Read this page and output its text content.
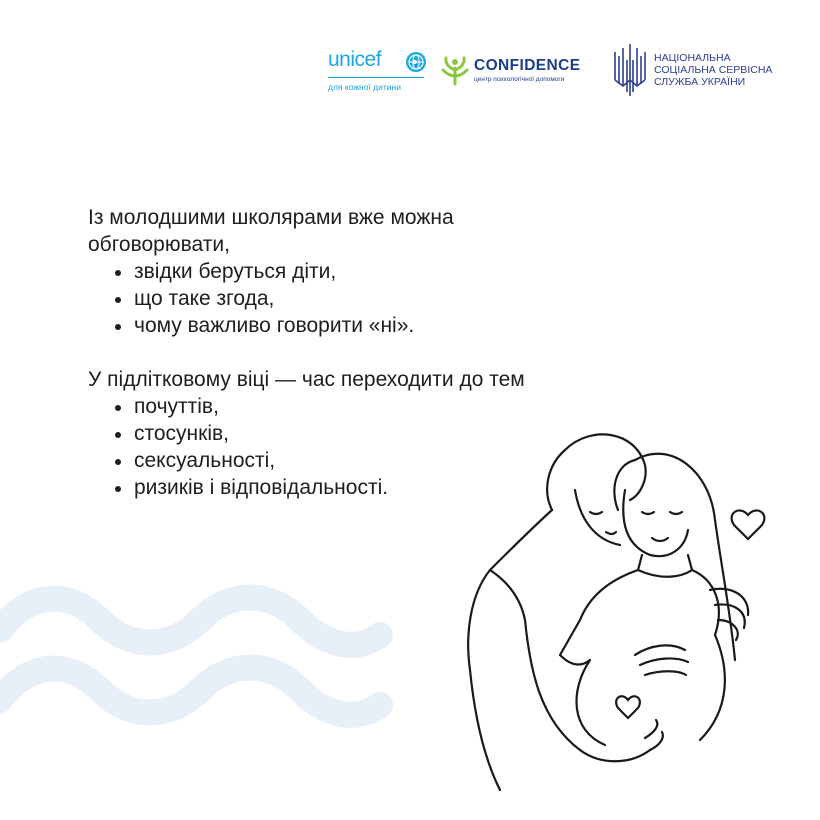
unicef
для кожної дитини
CONFIDENCE
центр психологічної допомоги
НАЦІОНАЛЬНА
СОЦІАЛЬНА СЕРВІСНА
СЛУЖБА УКРАЇНИ

Із молодшими школярами вже можна

обговорювати,

звідки беруться діти,
що таке згода,
чому важливо говорити «ні».

У підлітковому віці — час переходити до тем

почуттів,
стосунків,
сексуальності,
ризиків і відповідальності.
